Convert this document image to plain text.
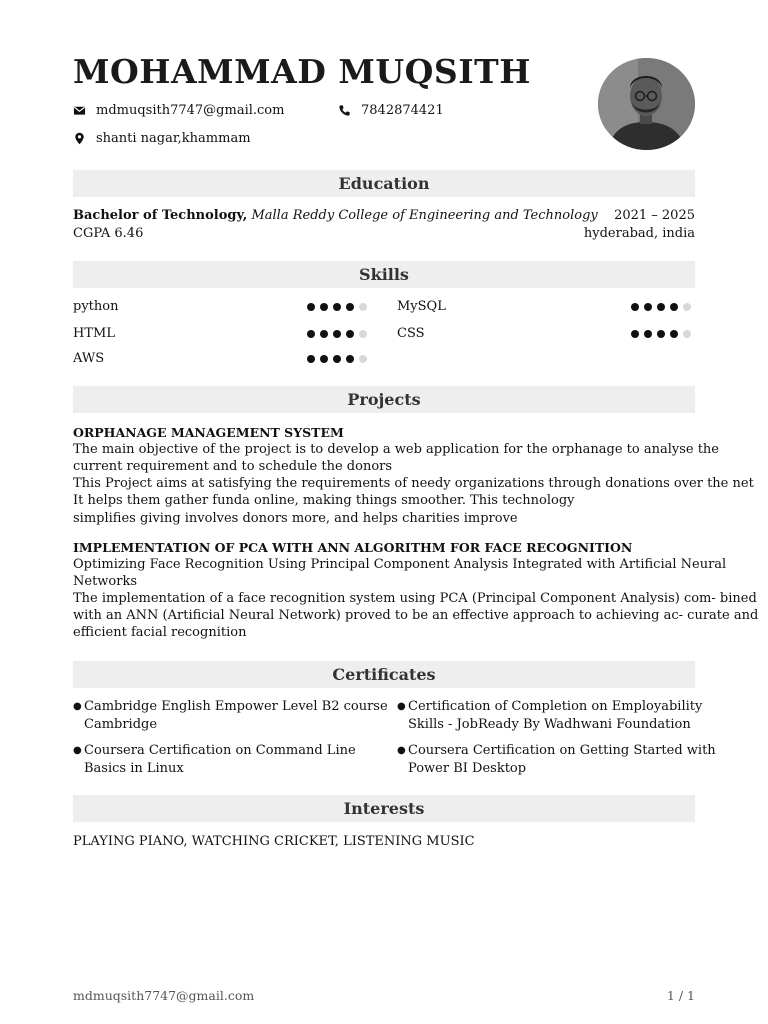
MOHAMMAD MUQSITH
mdmuqsith7747@gmail.com	7842874421
shanti nagar,khammam
Education
Bachelor of Technology, Malla Reddy College of Engineering and Technology 2021 – 2025
CGPA 6.46	hyderabad, india
Skills
python	MySQL
HTML	CSS
AWS
Projects
ORPHANAGE MANAGEMENT SYSTEM
The main objective of the project is to develop a web application for the orphanage to analyse the
current requirement and to schedule the donors
This Project aims at satisfying the requirements of needy organizations through donations over the net
It helps them gather funda online, making things smoother. This technology
simplifies giving involves donors more, and helps charities improve
IMPLEMENTATION OF PCA WITH ANN ALGORITHM FOR FACE RECOGNITION
Optimizing Face Recognition Using Principal Component Analysis Integrated with Artificial Neural
Networks
The implementation of a face recognition system using PCA (Principal Component Analysis) com- bined
with an ANN (Artificial Neural Network) proved to be an effective approach to achieving ac- curate and
efficient facial recognition
Certificates
● Cambridge English Empower Level B2 course
Cambridge
● Certification of Completion on Employability
Skills - JobReady By Wadhwani Foundation
● Coursera Certification on Command Line
Basics in Linux
● Coursera Certification on Getting Started with
Power BI Desktop
Interests
PLAYING PIANO, WATCHING CRICKET, LISTENING MUSIC
mdmuqsith7747@gmail.com	1 / 1
